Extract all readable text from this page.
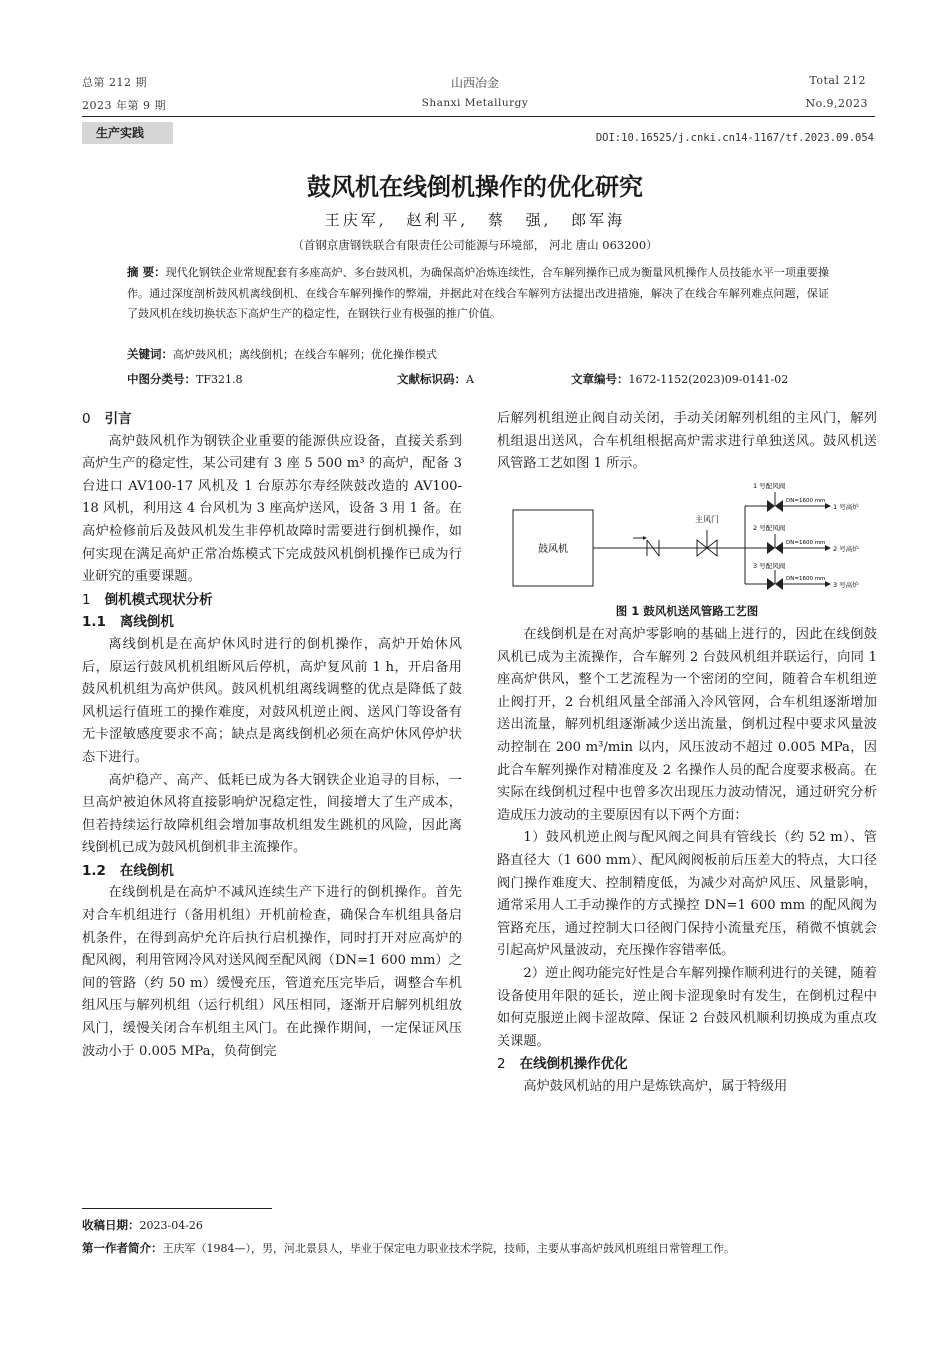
总第 212 期
2023 年第 9 期
山西冶金
Shanxi Metallurgy
Total 212
No.9,2023
生产实践	DOI:10.16525/j.cnki.cn14-1167/tf.2023.09.054
鼓风机在线倒机操作的优化研究
王庆军, 赵利平, 蔡 强, 郎军海
（首钢京唐钢铁联合有限责任公司能源与环境部， 河北 唐山 063200）
摘 要：现代化钢铁企业常规配套有多座高炉、多台鼓风机，为确保高炉冶炼连续性，合车解列操作已成为衡量风机操作人员技能水平一项重要操作。通过深度剖析鼓风机离线倒机、在线合车解列操作的弊端，并据此对在线合车解列方法提出改进措施，解决了在线合车解列难点问题，保证了鼓风机在线切换状态下高炉生产的稳定性，在钢铁行业有极强的推广价值。
关键词：高炉鼓风机；离线倒机；在线合车解列；优化操作模式
中图分类号：TF321.8	文献标识码：A	文章编号：1672-1152(2023)09-0141-02

0 引言

高炉鼓风机作为钢铁企业重要的能源供应设备，直接关系到高炉生产的稳定性，某公司建有 3 座 5 500 m³ 的高炉，配备 3 台进口 AV100-17 风机及 1 台原苏尔寿经陕鼓改造的 AV100-18 风机，利用这 4 台风机为 3 座高炉送风，设备 3 用 1 备。在高炉检修前后及鼓风机发生非停机故障时需要进行倒机操作，如何实现在满足高炉正常冶炼模式下完成鼓风机倒机操作已成为行业研究的重要课题。

1 倒机模式现状分析

1.1 离线倒机

离线倒机是在高炉休风时进行的倒机操作，高炉开始休风后，原运行鼓风机机组断风后停机，高炉复风前 1 h，开启备用鼓风机机组为高炉供风。鼓风机机组离线调整的优点是降低了鼓风机运行值班工的操作难度，对鼓风机逆止阀、送风门等设备有无卡涩敏感度要求不高；缺点是离线倒机必须在高炉休风停炉状态下进行。

高炉稳产、高产、低耗已成为各大钢铁企业追寻的目标，一旦高炉被迫休风将直接影响炉况稳定性，间接增大了生产成本，但若持续运行故障机组会增加事故机组发生跳机的风险，因此离线倒机已成为鼓风机倒机非主流操作。

1.2 在线倒机

在线倒机是在高炉不减风连续生产下进行的倒机操作。首先对合车机组进行（备用机组）开机前检查，确保合车机组具备启机条件，在得到高炉允许后执行启机操作，同时打开对应高炉的配风阀，利用管网冷风对送风阀至配风阀（DN=1 600 mm）之间的管路（约 50 m）缓慢充压，管道充压完毕后，调整合车机组风压与解列机组（运行机组）风压相同，逐渐开启解列机组放风门，缓慢关闭合车机组主风门。在此操作期间，一定保证风压波动小于 0.005 MPa，负荷倒完

后解列机组逆止阀自动关闭，手动关闭解列机组的主风门，解列机组退出送风，合车机组根据高炉需求进行单独送风。鼓风机送风管路工艺如图 1 所示。

鼓风机
主风门
1 号配风阀
2 号配风阀
3 号配风阀
DN=1600 mm
DN=1600 mm
DN=1600 mm
1 号高炉
2 号高炉
3 号高炉
图 1 鼓风机送风管路工艺图

在线倒机是在对高炉零影响的基础上进行的，因此在线倒鼓风机已成为主流操作，合车解列 2 台鼓风机组并联运行，向同 1 座高炉供风，整个工艺流程为一个密闭的空间，随着合车机组逆止阀打开，2 台机组风量全部涌入冷风管网，合车机组逐渐增加送出流量，解列机组逐渐减少送出流量，倒机过程中要求风量波动控制在 200 m³/min 以内，风压波动不超过 0.005 MPa，因此合车解列操作对精准度及 2 名操作人员的配合度要求极高。在实际在线倒机过程中也曾多次出现压力波动情况，通过研究分析造成压力波动的主要原因有以下两个方面：

1）鼓风机逆止阀与配风阀之间具有管线长（约 52 m）、管路直径大（1 600 mm）、配风阀阀板前后压差大的特点，大口径阀门操作难度大、控制精度低，为减少对高炉风压、风量影响，通常采用人工手动操作的方式操控 DN=1 600 mm 的配风阀为管路充压，通过控制大口径阀门保持小流量充压，稍微不慎就会引起高炉风量波动，充压操作容错率低。

2）逆止阀功能完好性是合车解列操作顺利进行的关键，随着设备使用年限的延长，逆止阀卡涩现象时有发生，在倒机过程中如何克服逆止阀卡涩故障、保证 2 台鼓风机顺利切换成为重点攻关课题。

2 在线倒机操作优化

高炉鼓风机站的用户是炼铁高炉，属于特级用

收稿日期：2023-04-26
第一作者简介：王庆军（1984—），男，河北景县人，毕业于保定电力职业技术学院，技师，主要从事高炉鼓风机班组日常管理工作。
